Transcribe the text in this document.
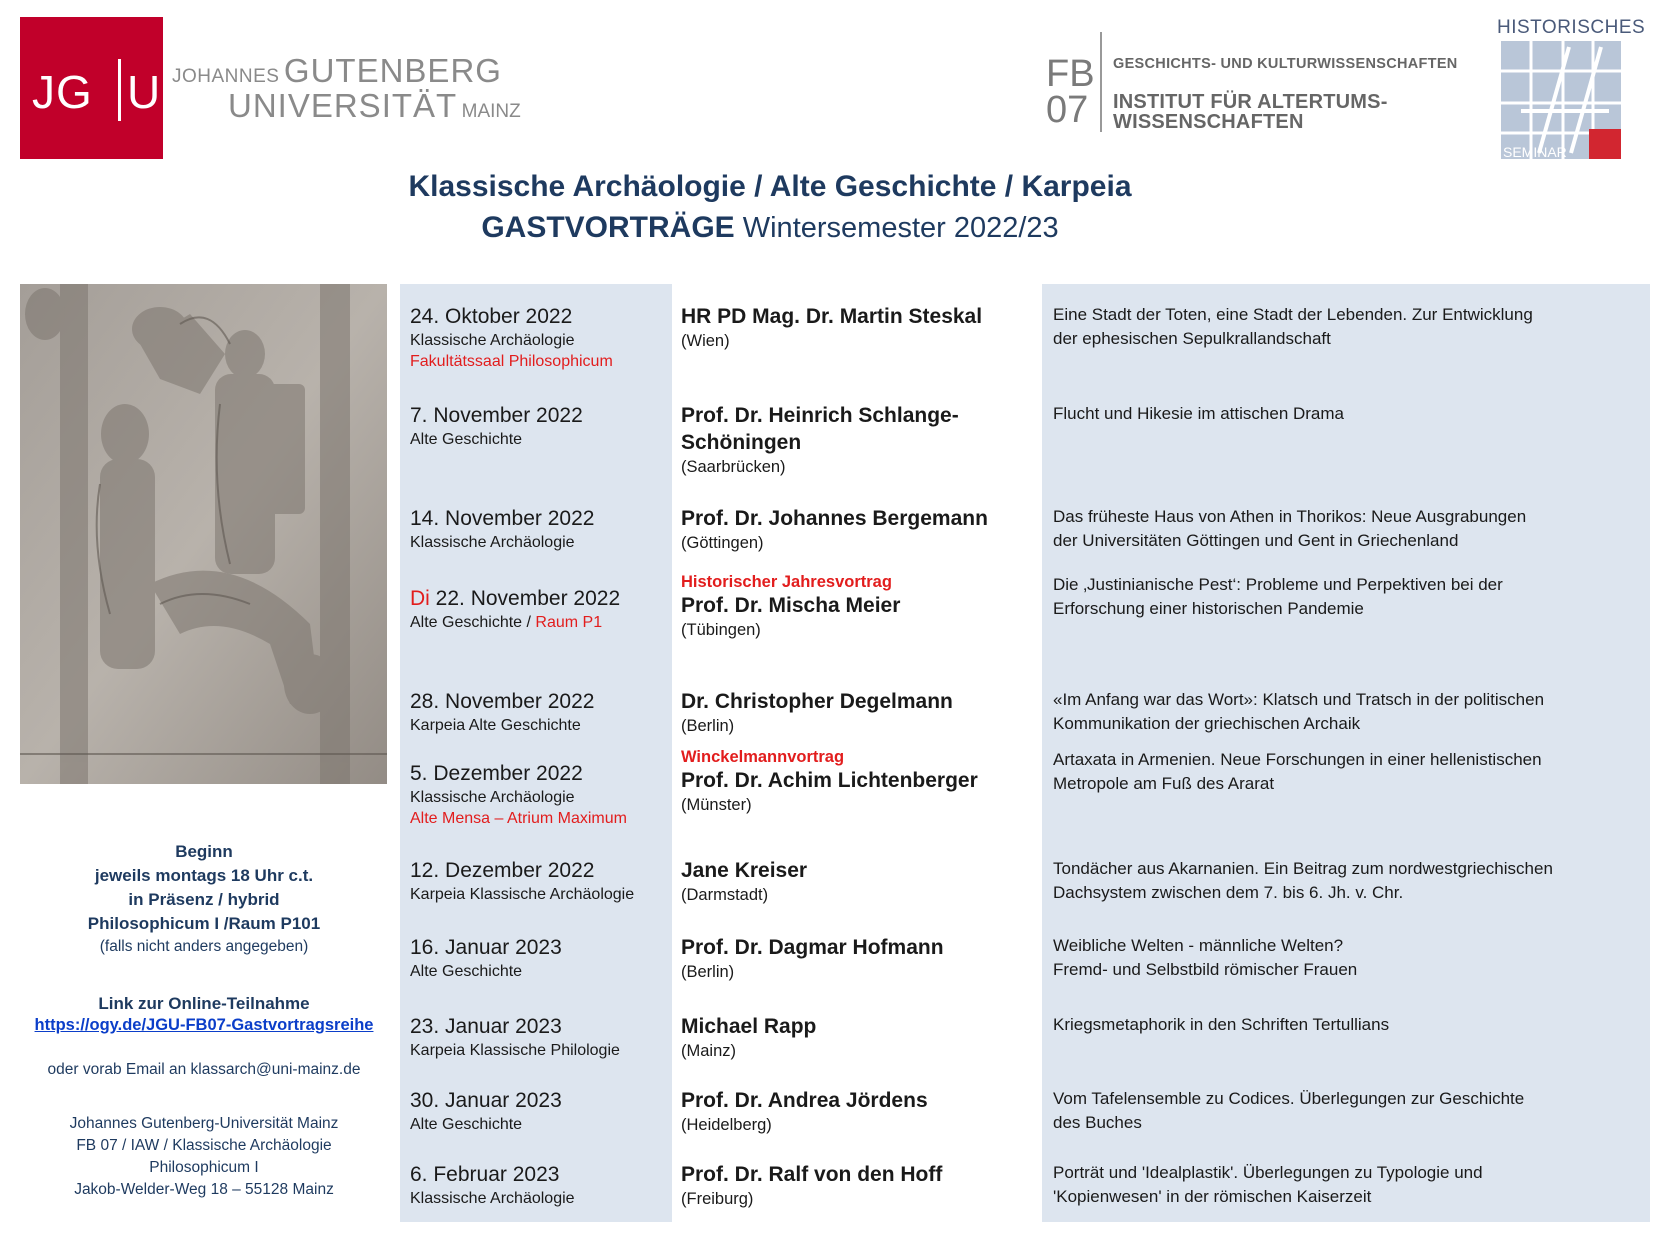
JG U JOHANNES GUTENBERG
UNIVERSITÄT MAINZ
FB
07
GESCHICHTS- UND KULTURWISSENSCHAFTEN
INSTITUT FÜR ALTERTUMS-
WISSENSCHAFTEN
HISTORISCHES
SEMINAR
Klassische Archäologie / Alte Geschichte / Karpeia
GASTVORTRÄGE Wintersemester 2022/23
Beginn
jeweils montags 18 Uhr c.t.
in Präsenz / hybrid
Philosophicum I /Raum P101
(falls nicht anders angegeben)
Link zur Online-Teilnahme
https://ogy.de/JGU-FB07-Gastvortragsreihe
oder vorab Email an klassarch@uni-mainz.de
Johannes Gutenberg-Universität Mainz
FB 07 / IAW / Klassische Archäologie
Philosophicum I
Jakob-Welder-Weg 18 – 55128 Mainz
24. Oktober 2022
Klassische Archäologie
Fakultätssaal Philosophicum
HR PD Mag. Dr. Martin Steskal
(Wien)
Eine Stadt der Toten, eine Stadt der Lebenden. Zur Entwicklung
der ephesischen Sepulkrallandschaft
7. November 2022
Alte Geschichte
Prof. Dr. Heinrich Schlange-
Schöningen
(Saarbrücken)
Flucht und Hikesie im attischen Drama
14. November 2022
Klassische Archäologie
Prof. Dr. Johannes Bergemann
(Göttingen)
Das früheste Haus von Athen in Thorikos: Neue Ausgrabungen
der Universitäten Göttingen und Gent in Griechenland
Di 22. November 2022
Alte Geschichte / Raum P1
Historischer Jahresvortrag
Prof. Dr. Mischa Meier
(Tübingen)
Die ‚Justinianische Pest‘: Probleme und Perpektiven bei der
Erforschung einer historischen Pandemie
28. November 2022
Karpeia Alte Geschichte
Dr. Christopher Degelmann
(Berlin)
«Im Anfang war das Wort»: Klatsch und Tratsch in der politischen
Kommunikation der griechischen Archaik
5. Dezember 2022
Klassische Archäologie
Alte Mensa – Atrium Maximum
Winckelmannvortrag
Prof. Dr. Achim Lichtenberger
(Münster)
Artaxata in Armenien. Neue Forschungen in einer hellenistischen
Metropole am Fuß des Ararat
12. Dezember 2022
Karpeia Klassische Archäologie
Jane Kreiser
(Darmstadt)
Tondächer aus Akarnanien. Ein Beitrag zum nordwestgriechischen
Dachsystem zwischen dem 7. bis 6. Jh. v. Chr.
16. Januar 2023
Alte Geschichte
Prof. Dr. Dagmar Hofmann
(Berlin)
Weibliche Welten - männliche Welten?
Fremd- und Selbstbild römischer Frauen
23. Januar 2023
Karpeia Klassische Philologie
Michael Rapp
(Mainz)
Kriegsmetaphorik in den Schriften Tertullians
30. Januar 2023
Alte Geschichte
Prof. Dr. Andrea Jördens
(Heidelberg)
Vom Tafelensemble zu Codices. Überlegungen zur Geschichte
des Buches
6. Februar 2023
Klassische Archäologie
Prof. Dr. Ralf von den Hoff
(Freiburg)
Porträt und 'Idealplastik'. Überlegungen zu Typologie und
'Kopienwesen' in der römischen Kaiserzeit
